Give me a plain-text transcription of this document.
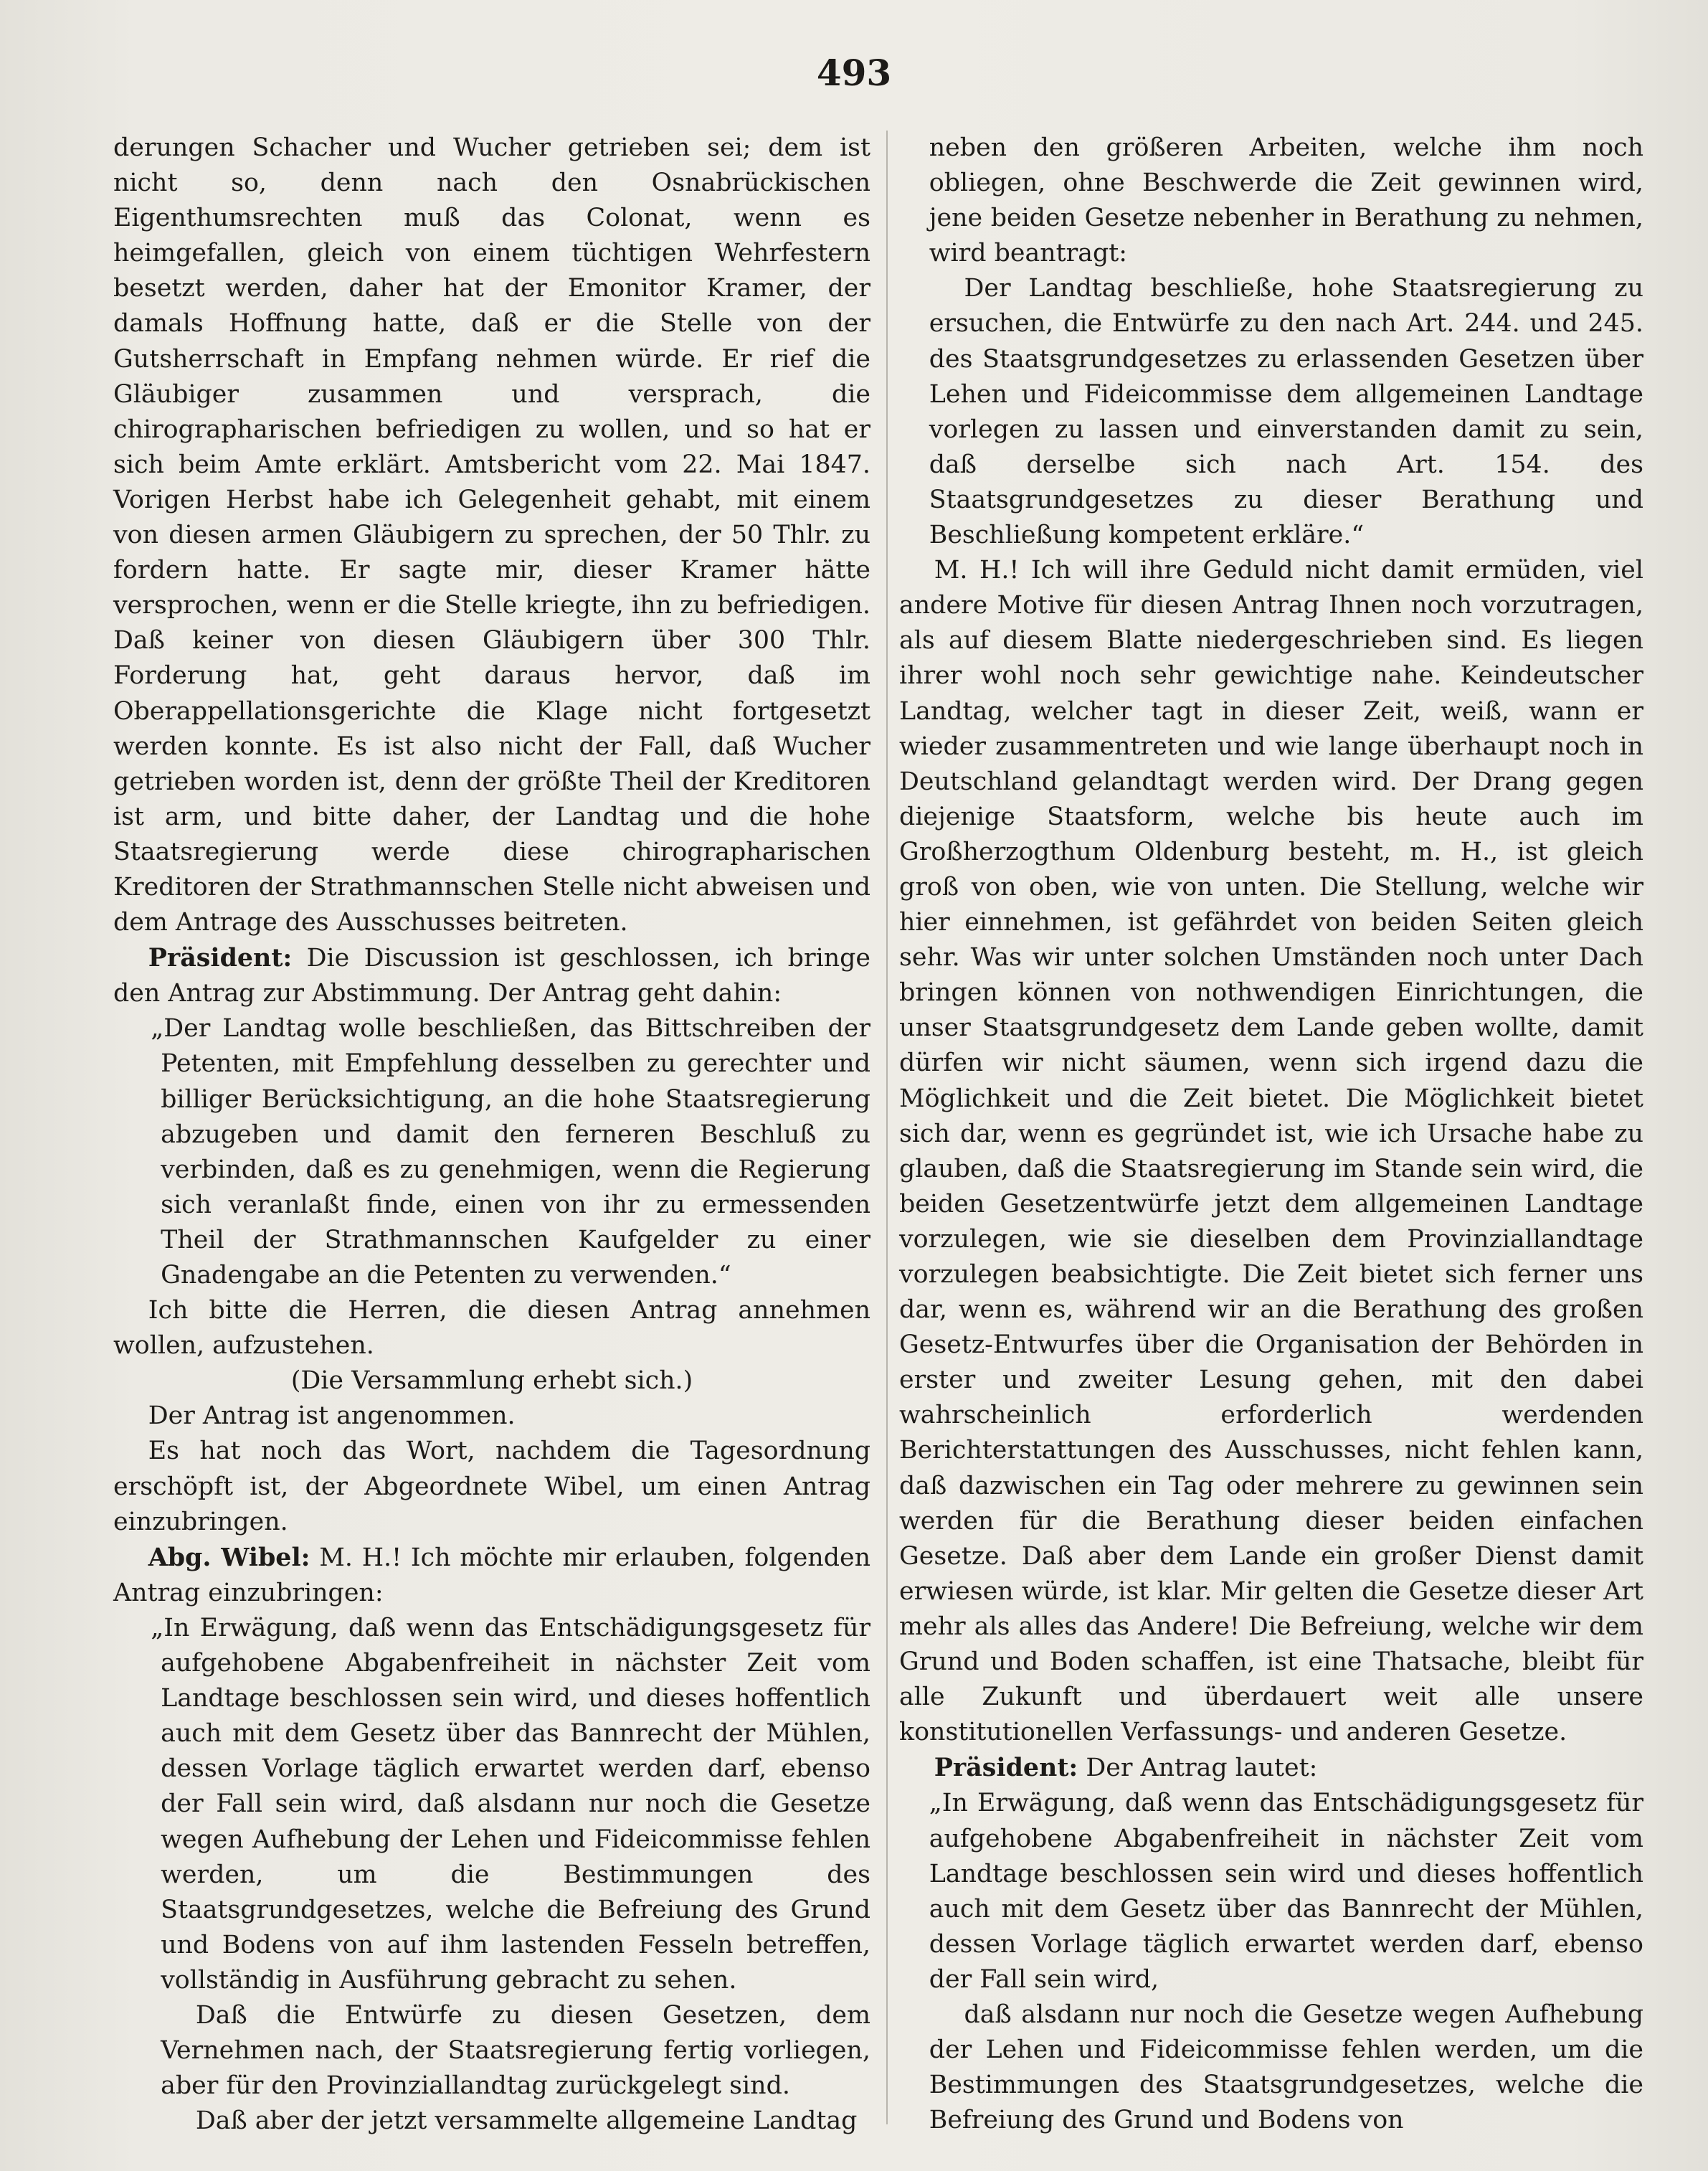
493

derungen Schacher und Wucher getrieben sei; dem ist nicht so, denn nach den Osnabrückischen Eigenthumsrechten muß das Colonat, wenn es heimgefallen, gleich von einem tüchtigen Wehrfestern besetzt werden, daher hat der Emonitor Kramer, der damals Hoffnung hatte, daß er die Stelle von der Gutsherrschaft in Empfang nehmen würde. Er rief die Gläubiger zusammen und versprach, die chirographarischen befriedigen zu wollen, und so hat er sich beim Amte erklärt. Amtsbericht vom 22. Mai 1847. Vorigen Herbst habe ich Gelegenheit gehabt, mit einem von diesen armen Gläubigern zu sprechen, der 50 Thlr. zu fordern hatte. Er sagte mir, dieser Kramer hätte versprochen, wenn er die Stelle kriegte, ihn zu befriedigen. Daß keiner von diesen Gläubigern über 300 Thlr. Forderung hat, geht daraus hervor, daß im Oberappellationsgerichte die Klage nicht fortgesetzt werden konnte. Es ist also nicht der Fall, daß Wucher getrieben worden ist, denn der größte Theil der Kreditoren ist arm, und bitte daher, der Landtag und die hohe Staatsregierung werde diese chirographarischen Kreditoren der Strathmannschen Stelle nicht abweisen und dem Antrage des Ausschusses beitreten.

Präsident: Die Discussion ist geschlossen, ich bringe den Antrag zur Abstimmung. Der Antrag geht dahin:

„Der Landtag wolle beschließen, das Bittschreiben der Petenten, mit Empfehlung desselben zu gerechter und billiger Berücksichtigung, an die hohe Staatsregierung abzugeben und damit den ferneren Beschluß zu verbinden, daß es zu genehmigen, wenn die Regierung sich veranlaßt finde, einen von ihr zu ermessenden Theil der Strathmannschen Kaufgelder zu einer Gnadengabe an die Petenten zu verwenden.“

Ich bitte die Herren, die diesen Antrag annehmen wollen, aufzustehen.

(Die Versammlung erhebt sich.)

Der Antrag ist angenommen.

Es hat noch das Wort, nachdem die Tagesordnung erschöpft ist, der Abgeordnete Wibel, um einen Antrag einzubringen.

Abg. Wibel: M. H.! Ich möchte mir erlauben, folgenden Antrag einzubringen:

„In Erwägung, daß wenn das Entschädigungsgesetz für aufgehobene Abgabenfreiheit in nächster Zeit vom Landtage beschlossen sein wird, und dieses hoffentlich auch mit dem Gesetz über das Bannrecht der Mühlen, dessen Vorlage täglich erwartet werden darf, ebenso der Fall sein wird, daß alsdann nur noch die Gesetze wegen Aufhebung der Lehen und Fideicommisse fehlen werden, um die Bestimmungen des Staatsgrundgesetzes, welche die Befreiung des Grund und Bodens von auf ihm lastenden Fesseln betreffen, vollständig in Ausführung gebracht zu sehen.

Daß die Entwürfe zu diesen Gesetzen, dem Vernehmen nach, der Staatsregierung fertig vorliegen, aber für den Provinziallandtag zurückgelegt sind.

Daß aber der jetzt versammelte allgemeine Landtag

neben den größeren Arbeiten, welche ihm noch obliegen, ohne Beschwerde die Zeit gewinnen wird, jene beiden Gesetze nebenher in Berathung zu nehmen, wird beantragt:

Der Landtag beschließe, hohe Staatsregierung zu ersuchen, die Entwürfe zu den nach Art. 244. und 245. des Staatsgrundgesetzes zu erlassenden Gesetzen über Lehen und Fideicommisse dem allgemeinen Landtage vorlegen zu lassen und einverstanden damit zu sein, daß derselbe sich nach Art. 154. des Staatsgrundgesetzes zu dieser Berathung und Beschließung kompetent erkläre.“

M. H.! Ich will ihre Geduld nicht damit ermüden, viel andere Motive für diesen Antrag Ihnen noch vorzutragen, als auf diesem Blatte niedergeschrieben sind. Es liegen ihrer wohl noch sehr gewichtige nahe. Keindeutscher Landtag, welcher tagt in dieser Zeit, weiß, wann er wieder zusammentreten und wie lange überhaupt noch in Deutschland gelandtagt werden wird. Der Drang gegen diejenige Staatsform, welche bis heute auch im Großherzogthum Oldenburg besteht, m. H., ist gleich groß von oben, wie von unten. Die Stellung, welche wir hier einnehmen, ist gefährdet von beiden Seiten gleich sehr. Was wir unter solchen Umständen noch unter Dach bringen können von nothwendigen Einrichtungen, die unser Staatsgrundgesetz dem Lande geben wollte, damit dürfen wir nicht säumen, wenn sich irgend dazu die Möglichkeit und die Zeit bietet. Die Möglichkeit bietet sich dar, wenn es gegründet ist, wie ich Ursache habe zu glauben, daß die Staatsregierung im Stande sein wird, die beiden Gesetzentwürfe jetzt dem allgemeinen Landtage vorzulegen, wie sie dieselben dem Provinziallandtage vorzulegen beabsichtigte. Die Zeit bietet sich ferner uns dar, wenn es, während wir an die Berathung des großen Gesetz-Entwurfes über die Organisation der Behörden in erster und zweiter Lesung gehen, mit den dabei wahrscheinlich erforderlich werdenden Berichterstattungen des Ausschusses, nicht fehlen kann, daß dazwischen ein Tag oder mehrere zu gewinnen sein werden für die Berathung dieser beiden einfachen Gesetze. Daß aber dem Lande ein großer Dienst damit erwiesen würde, ist klar. Mir gelten die Gesetze dieser Art mehr als alles das Andere! Die Befreiung, welche wir dem Grund und Boden schaffen, ist eine Thatsache, bleibt für alle Zukunft und überdauert weit alle unsere konstitutionellen Verfassungs- und anderen Gesetze.

Präsident: Der Antrag lautet:

„In Erwägung, daß wenn das Entschädigungsgesetz für aufgehobene Abgabenfreiheit in nächster Zeit vom Landtage beschlossen sein wird und dieses hoffentlich auch mit dem Gesetz über das Bannrecht der Mühlen, dessen Vorlage täglich erwartet werden darf, ebenso der Fall sein wird,

daß alsdann nur noch die Gesetze wegen Aufhebung der Lehen und Fideicommisse fehlen werden, um die Bestimmungen des Staatsgrundgesetzes, welche die Befreiung des Grund und Bodens von
